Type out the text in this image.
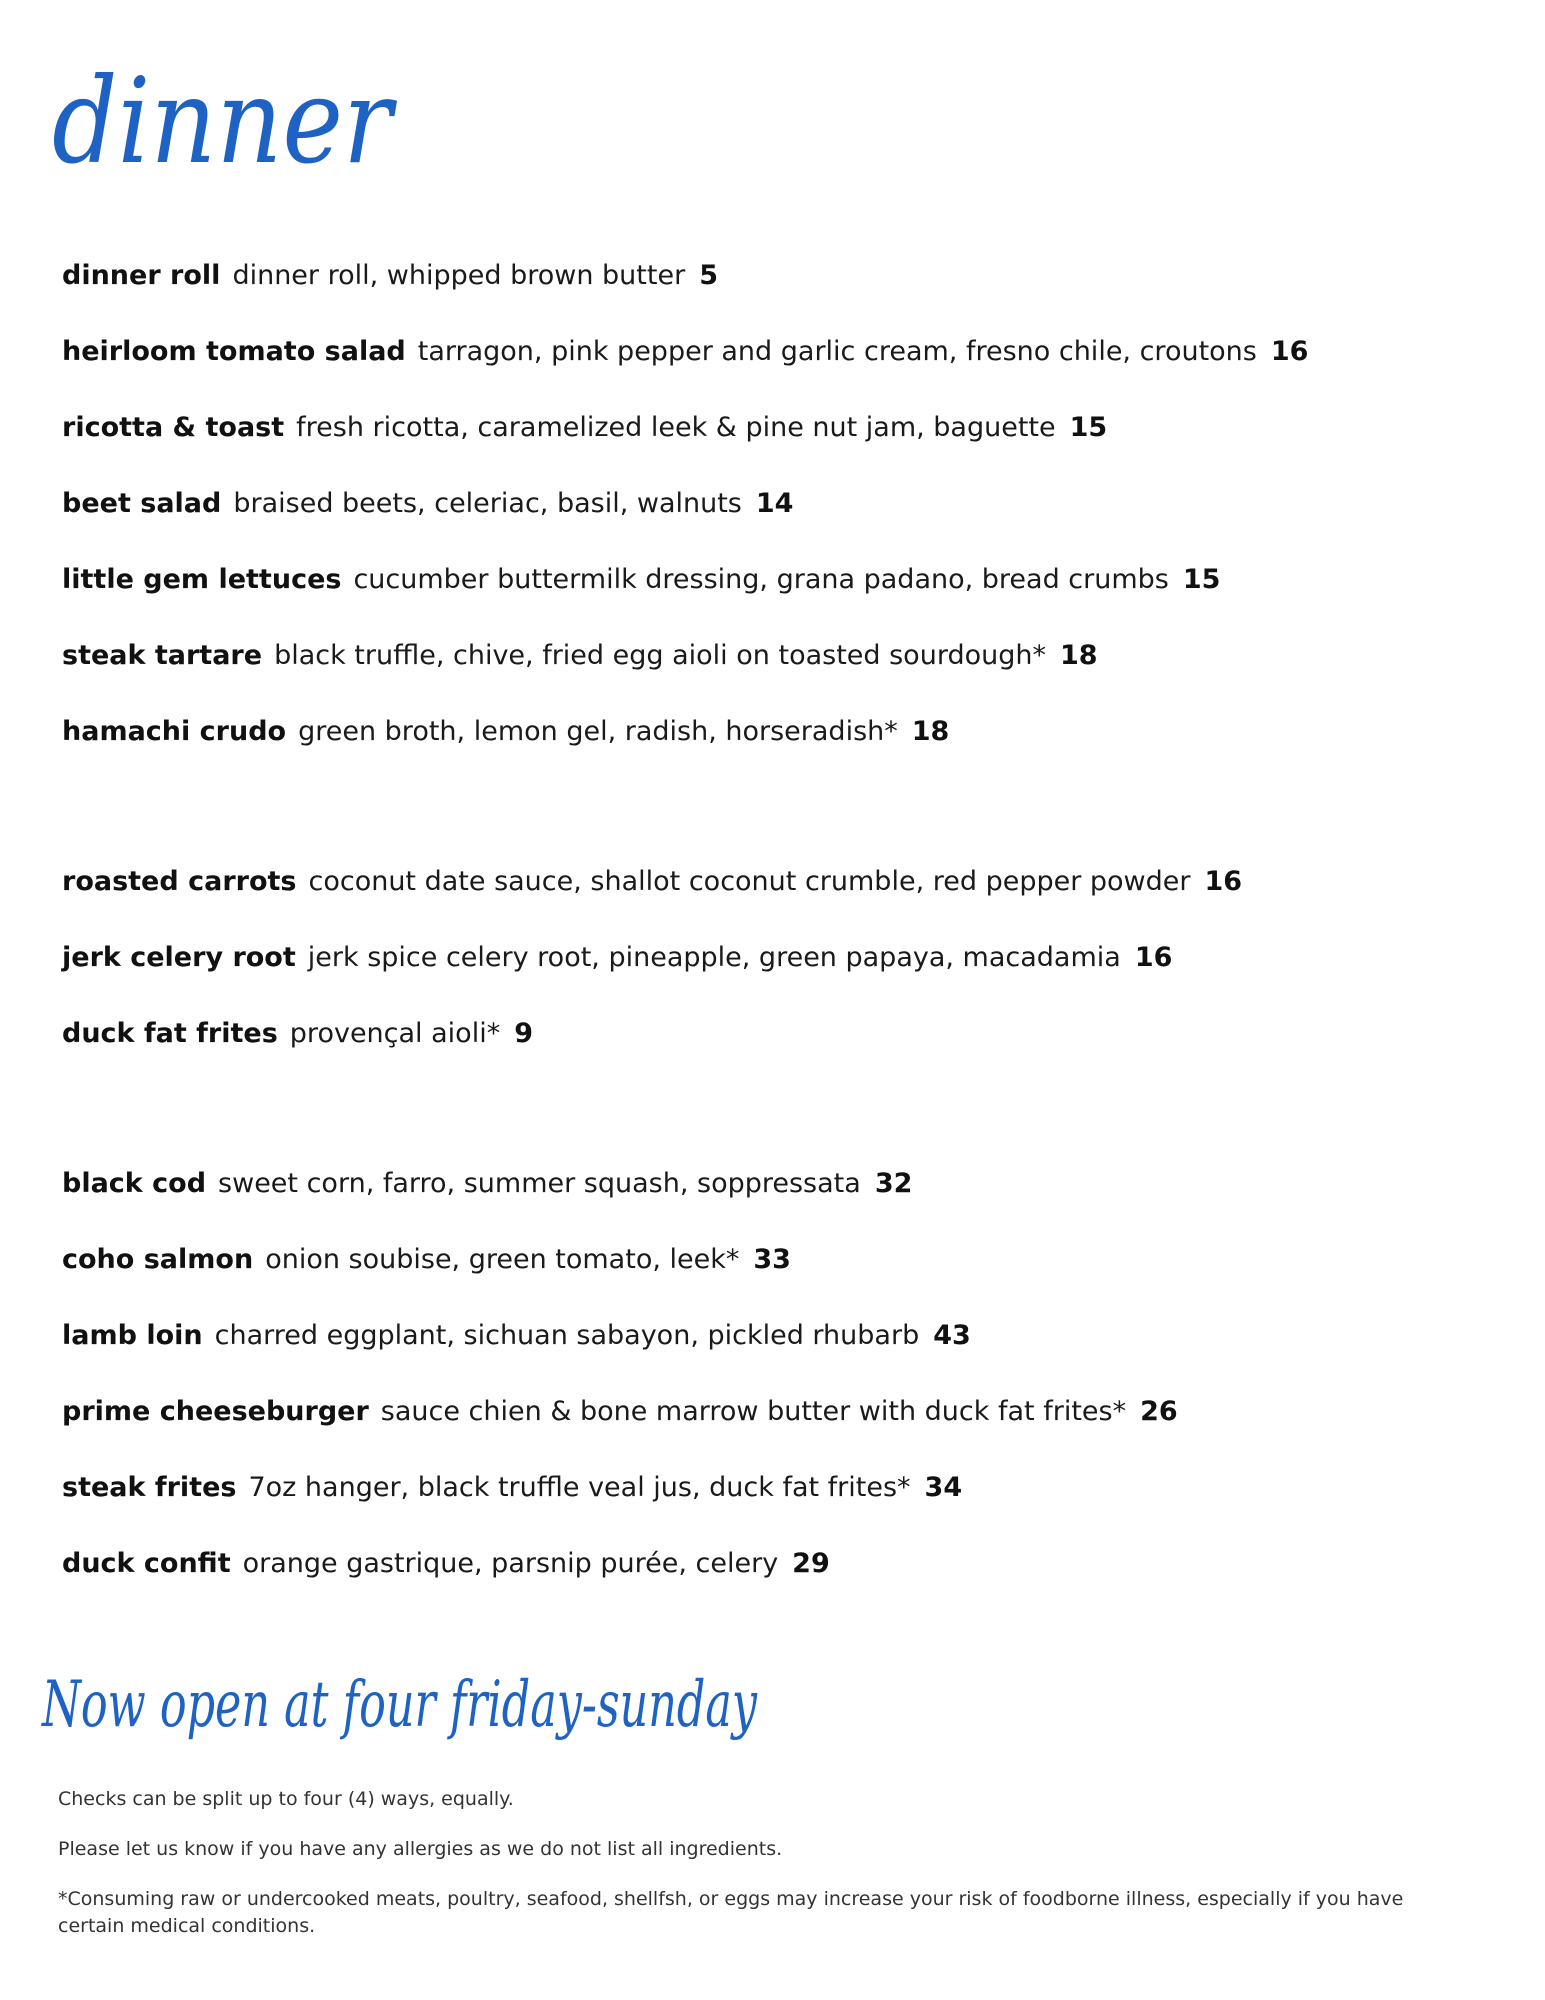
dinner
dinner roll dinner roll, whipped brown butter 5
heirloom tomato salad tarragon, pink pepper and garlic cream, fresno chile, croutons 16
ricotta & toast fresh ricotta, caramelized leek & pine nut jam, baguette 15
beet salad braised beets, celeriac, basil, walnuts 14
little gem lettuces cucumber buttermilk dressing, grana padano, bread crumbs 15
steak tartare black truffle, chive, fried egg aioli on toasted sourdough* 18
hamachi crudo green broth, lemon gel, radish, horseradish* 18
roasted carrots coconut date sauce, shallot coconut crumble, red pepper powder 16
jerk celery root jerk spice celery root, pineapple, green papaya, macadamia 16
duck fat frites provençal aioli* 9
black cod sweet corn, farro, summer squash, soppressata 32
coho salmon onion soubise, green tomato, leek* 33
lamb loin charred eggplant, sichuan sabayon, pickled rhubarb 43
prime cheeseburger sauce chien & bone marrow butter with duck fat frites* 26
steak frites 7oz hanger, black truffle veal jus, duck fat frites* 34
duck confit orange gastrique, parsnip purée, celery 29
Now open at four friday-sunday
Checks can be split up to four (4) ways, equally.
Please let us know if you have any allergies as we do not list all ingredients.
*Consuming raw or undercooked meats, poultry, seafood, shellfsh, or eggs may increase your risk of foodborne illness, especially if you have certain medical conditions.
